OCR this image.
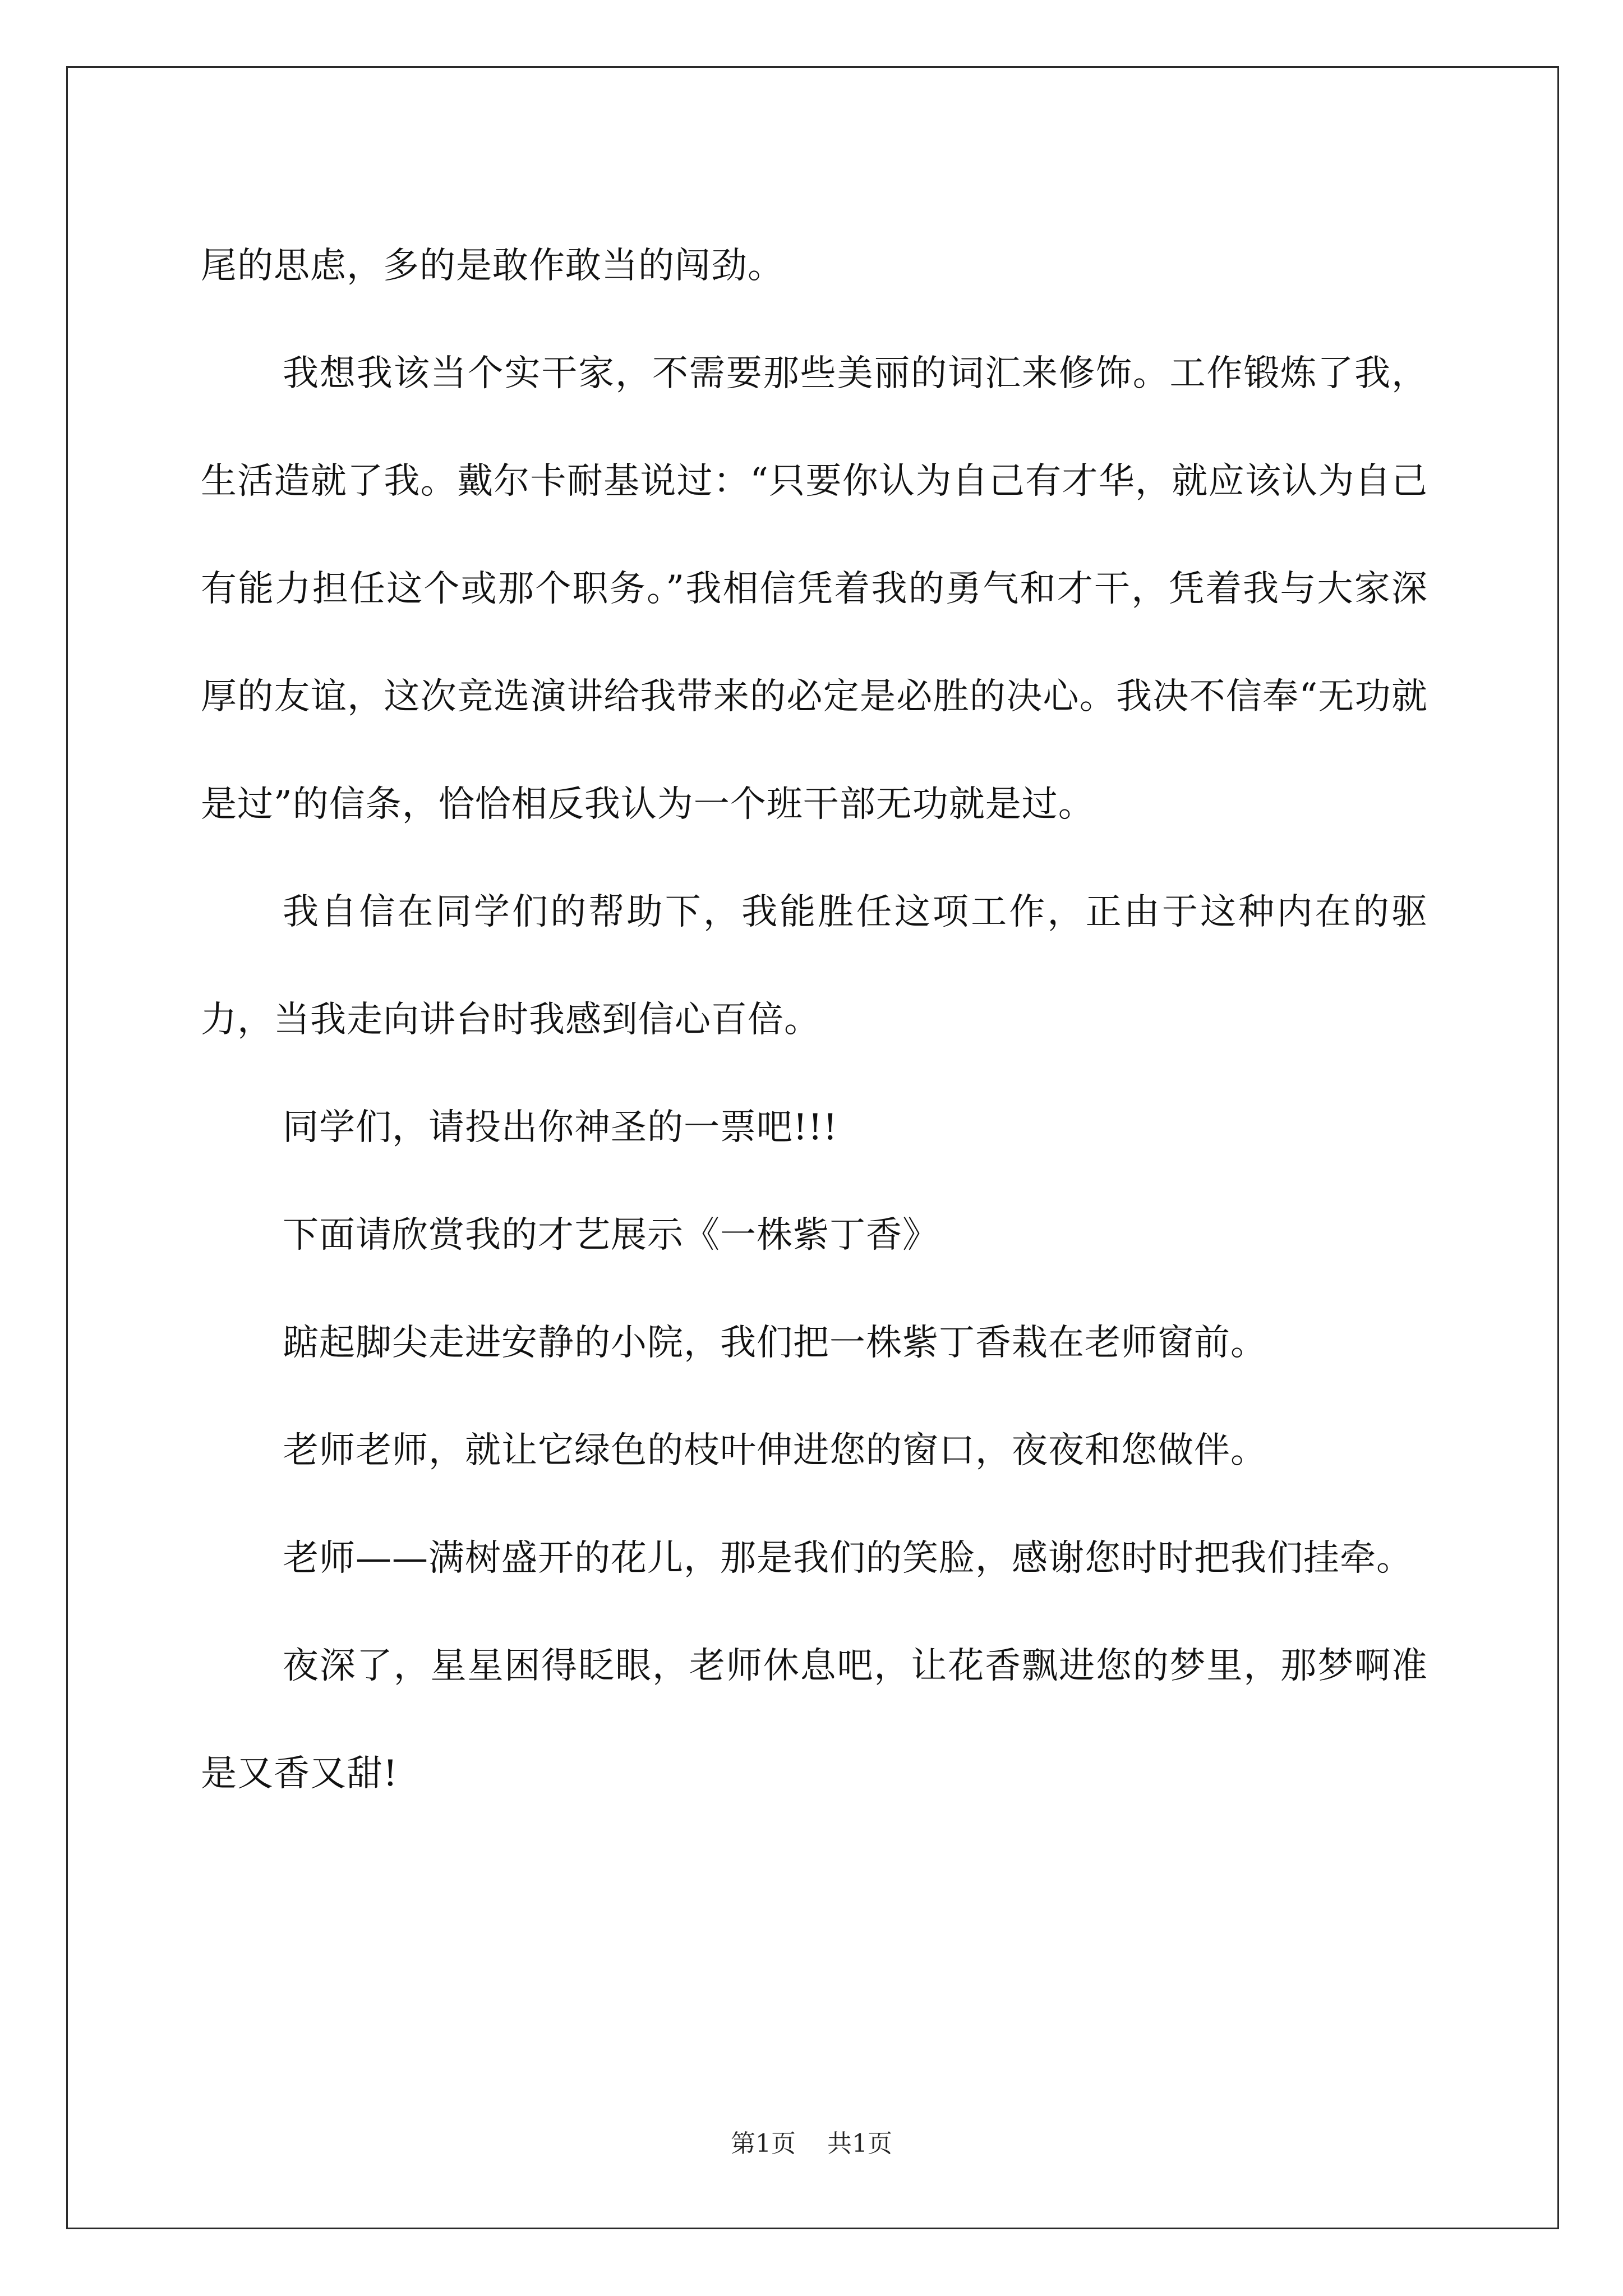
尾的思虑，多的是敢作敢当的闯劲。

我想我该当个实干家，不需要那些美丽的词汇来修饰。工作锻炼了我，生活造就了我。戴尔卡耐基说过：“只要你认为自己有才华，就应该认为自己有能力担任这个或那个职务。”我相信凭着我的勇气和才干，凭着我与大家深厚的友谊，这次竞选演讲给我带来的必定是必胜的决心。我决不信奉“无功就是过”的信条，恰恰相反我认为一个班干部无功就是过。

我自信在同学们的帮助下，我能胜任这项工作，正由于这种内在的驱力，当我走向讲台时我感到信心百倍。

同学们，请投出你神圣的一票吧!!!

下面请欣赏我的才艺展示《一株紫丁香》

踮起脚尖走进安静的小院，我们把一株紫丁香栽在老师窗前。

老师老师，就让它绿色的枝叶伸进您的窗口，夜夜和您做伴。

老师——满树盛开的花儿，那是我们的笑脸，感谢您时时把我们挂牵。

夜深了，星星困得眨眼，老师休息吧，让花香飘进您的梦里，那梦啊准是又香又甜!

第1页 共1页
